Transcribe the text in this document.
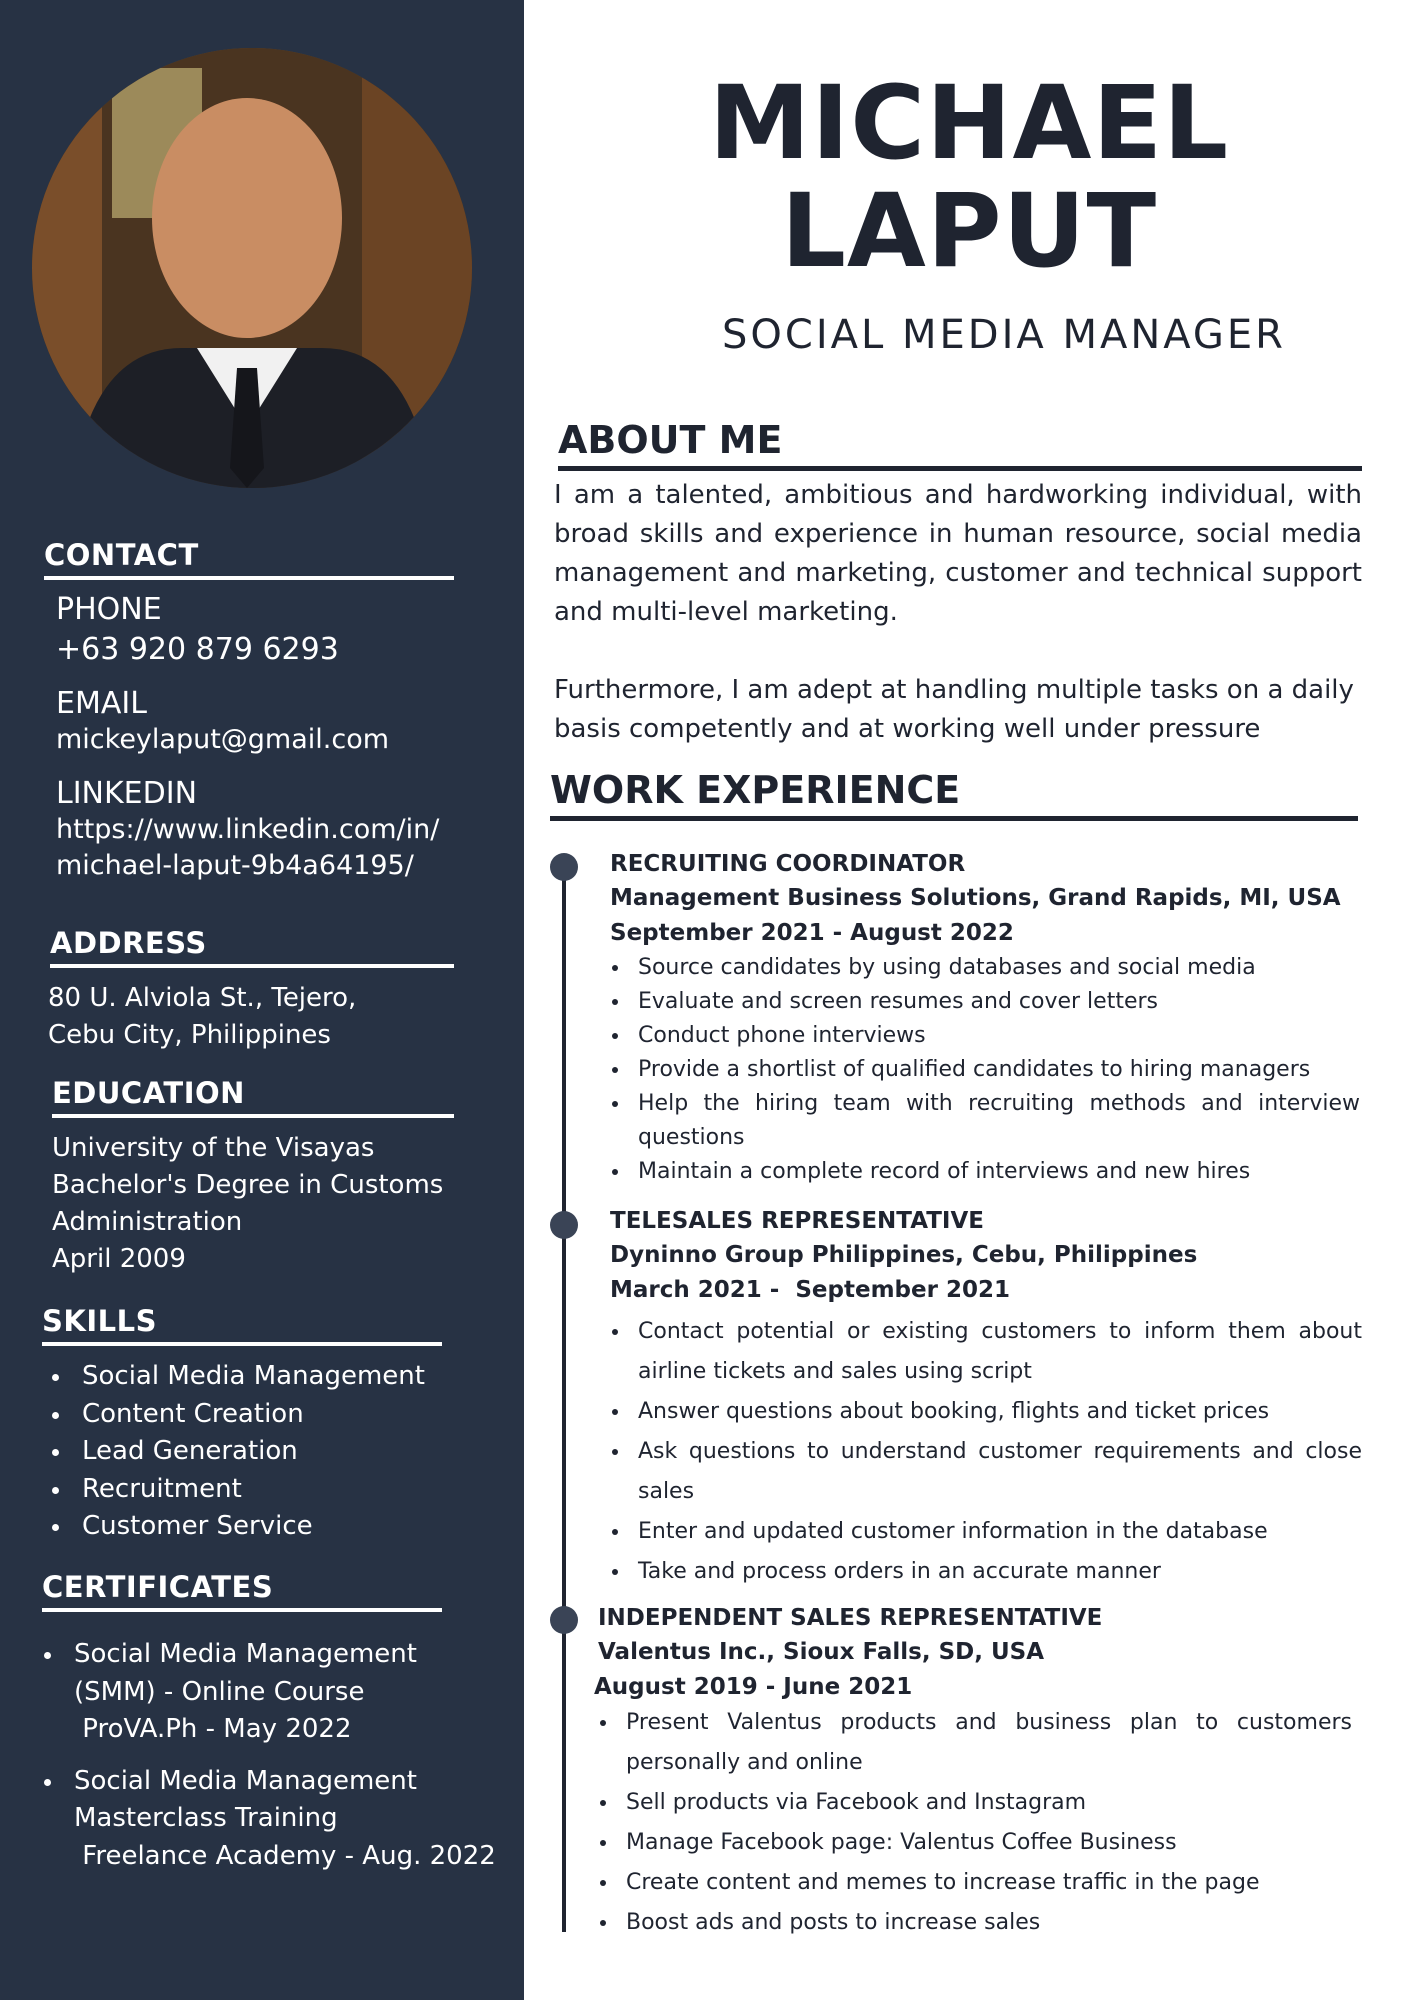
CONTACT
PHONE
+63 920 879 6293
EMAIL
mickeylaput@gmail.com
LINKEDIN
https://www.linkedin.com/in/
michael-laput-9b4a64195/
ADDRESS
80 U. Alviola St., Tejero,
Cebu City, Philippines
EDUCATION
University of the Visayas
Bachelor's Degree in Customs
Administration
April 2009
SKILLS
Social Media Management
Content Creation
Lead Generation
Recruitment
Customer Service
CERTIFICATES
Social Media Management
(SMM) - Online Course
ProVA.Ph - May 2022
Social Media Management
Masterclass Training
Freelance Academy - Aug. 2022
MICHAEL
LAPUT
SOCIAL MEDIA MANAGER
ABOUT ME

I am a talented, ambitious and hardworking individual, with broad skills and experience in human resource, social media management and marketing, customer and technical support and multi-level marketing.

Furthermore, I am adept at handling multiple tasks on a daily basis competently and at working well under pressure

WORK EXPERIENCE
RECRUITING COORDINATOR
Management Business Solutions, Grand Rapids, MI, USA
September 2021 - August 2022
Source candidates by using databases and social media
Evaluate and screen resumes and cover letters
Conduct phone interviews
Provide a shortlist of qualified candidates to hiring managers
Help the hiring team with recruiting methods and interview questions
Maintain a complete record of interviews and new hires
TELESALES REPRESENTATIVE
Dyninno Group Philippines, Cebu, Philippines
March 2021 -  September 2021
Contact potential or existing customers to inform them about airline tickets and sales using script
Answer questions about booking, flights and ticket prices
Ask questions to understand customer requirements and close sales
Enter and updated customer information in the database
Take and process orders in an accurate manner
INDEPENDENT SALES REPRESENTATIVE
Valentus Inc., Sioux Falls, SD, USA
August 2019 - June 2021
Present Valentus products and business plan to customers personally and online
Sell products via Facebook and Instagram
Manage Facebook page: Valentus Coffee Business
Create content and memes to increase traffic in the page
Boost ads and posts to increase sales
